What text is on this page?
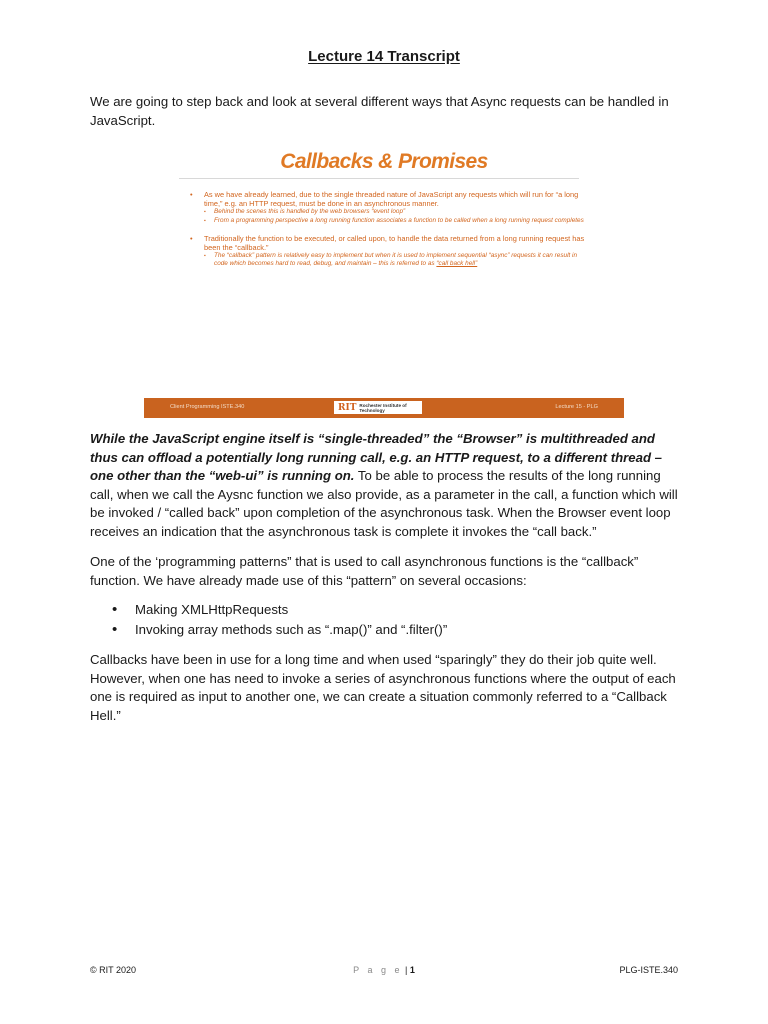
Lecture 14 Transcript

We are going to step back and look at several different ways that Async requests can be handled in JavaScript.

Callbacks & Promises
• As we have already learned, due to the single threaded nature of JavaScript any requests which will run for “a long time,” e.g. an HTTP request, must be done in an asynchronous manner.
▪ Behind the scenes this is handled by the web browsers “event loop”
▪ From a programming perspective a long running function associates a function to be called when a long running request completes
• Traditionally the function to be executed, or called upon, to handle the data returned from a long running request has been the “callback.”
▪ The “callback” pattern is relatively easy to implement but when it is used to implement sequential “async” requests it can result in code which becomes hard to read, debug, and maintain – this is referred to as “call back hell”
Client Programming ISTE.340	RIT Rochester Institute of Technology	Lecture 15 - PLG

While the JavaScript engine itself is “single-threaded” the “Browser” is multithreaded and thus can offload a potentially long running call, e.g. an HTTP request, to a different thread – one other than the “web-ui” is running on. To be able to process the results of the long running call, when we call the Aysnc function we also provide, as a parameter in the call, a function which will be invoked / “called back” upon completion of the asynchronous task. When the Browser event loop receives an indication that the asynchronous task is complete it invokes the “call back.”

One of the ‘programming patterns” that is used to call asynchronous functions is the “callback” function. We have already made use of this “pattern” on several occasions:

• Making XMLHttpRequests
• Invoking array methods such as “.map()” and “.filter()”

Callbacks have been in use for a long time and when used “sparingly” they do their job quite well. However, when one has need to invoke a series of asynchronous functions where the output of each one is required as input to another one, we can create a situation commonly referred to a “Callback Hell.”

© RIT 2020	P a g e | 1	PLG-ISTE.340
